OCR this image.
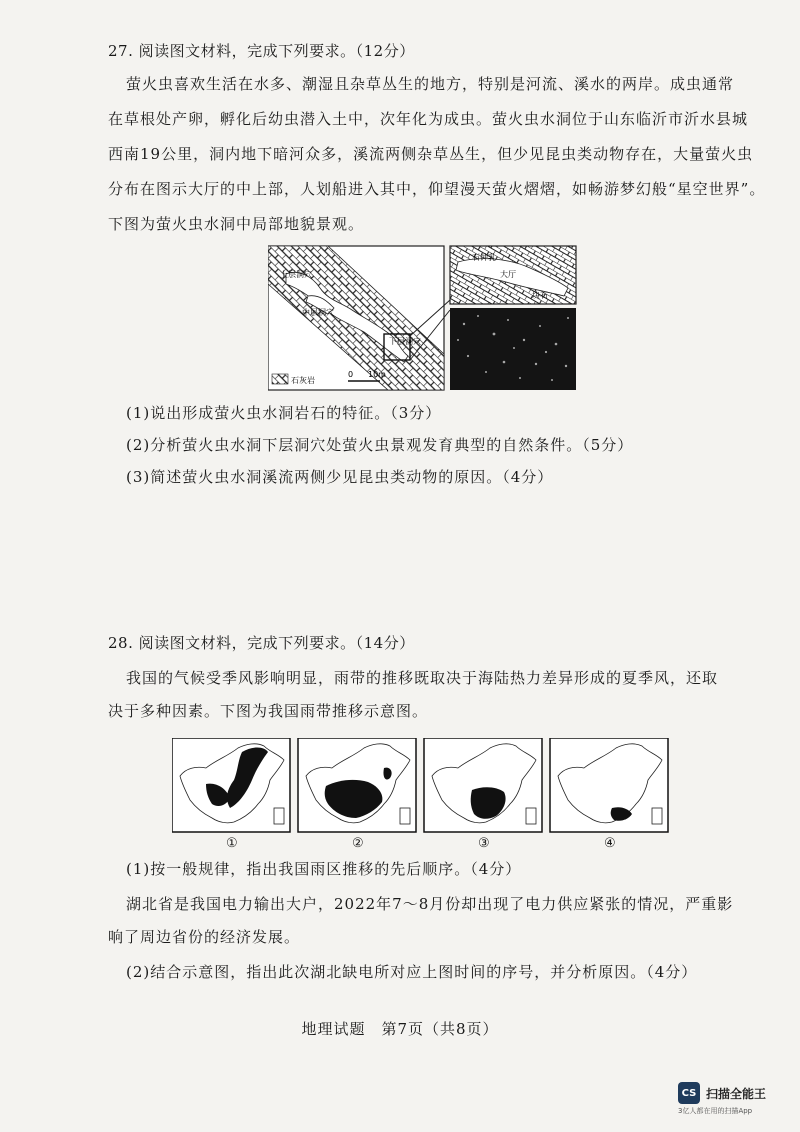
27. 阅读图文材料，完成下列要求。（12分）
萤火虫喜欢生活在水多、潮湿且杂草丛生的地方，特别是河流、溪水的两岸。成虫通常
在草根处产卵，孵化后幼虫潜入土中，次年化为成虫。萤火虫水洞位于山东临沂市沂水县城
西南19公里，洞内地下暗河众多，溪流两侧杂草丛生，但少见昆虫类动物存在，大量萤火虫
分布在图示大厅的中上部，人划船进入其中，仰望漫天萤火熠熠，如畅游梦幻般“星空世界”。
下图为萤火虫水洞中局部地貌景观。
上层洞穴
中层洞穴
下层洞穴
0 10m
石灰岩
石钟乳
大厅
块石
(1)说出形成萤火虫水洞岩石的特征。（3分）
(2)分析萤火虫水洞下层洞穴处萤火虫景观发育典型的自然条件。（5分）
(3)简述萤火虫水洞溪流两侧少见昆虫类动物的原因。（4分）
28. 阅读图文材料，完成下列要求。（14分）
我国的气候受季风影响明显，雨带的推移既取决于海陆热力差异形成的夏季风，还取
决于多种因素。下图为我国雨带推移示意图。
①	②	③	④
(1)按一般规律，指出我国雨区推移的先后顺序。（4分）
湖北省是我国电力输出大户，2022年7～8月份却出现了电力供应紧张的情况，严重影
响了周边省份的经济发展。
(2)结合示意图，指出此次湖北缺电所对应上图时间的序号，并分析原因。（4分）
地理试题　第7页（共8页）
CS 扫描全能王
3亿人都在用的扫描App
